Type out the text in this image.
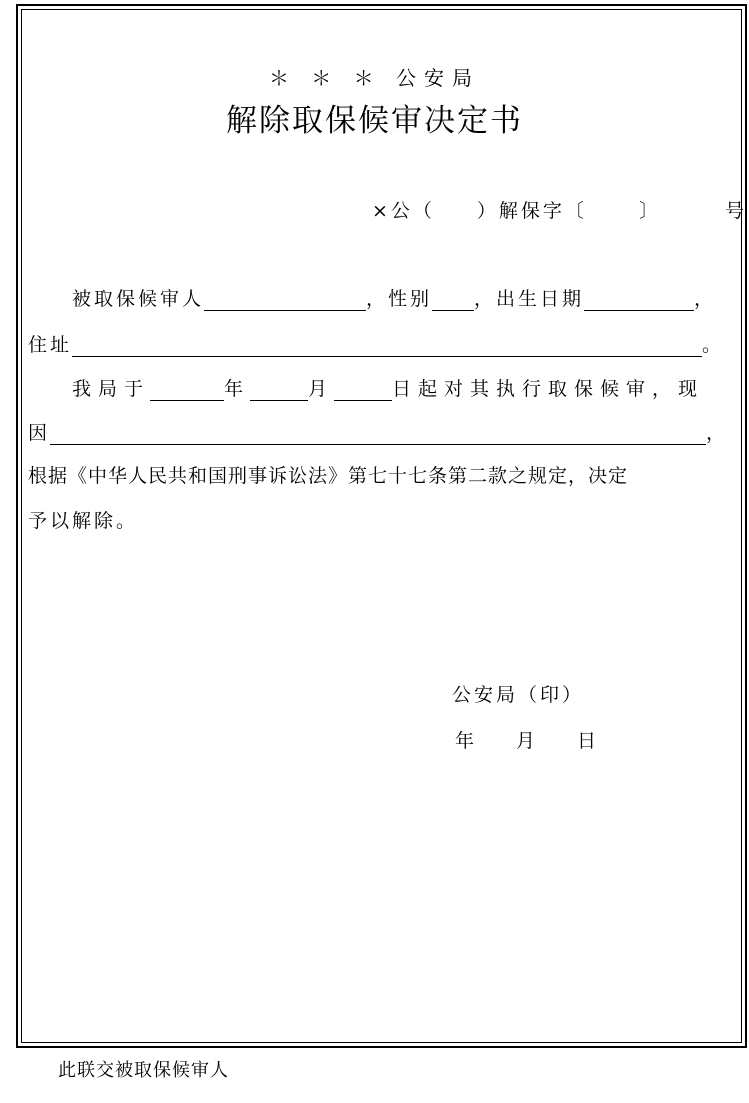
＊ ＊ ＊ 公安局
解除取保候审决定书
×公（ ）解保字〔	〕	号
被取保候审人	，性别 ，出生日期	，
住址	。
我局于	年	月	日起对其执行取保候审，现
因	，
根据《中华人民共和国刑事诉讼法》第七十七条第二款之规定，决定
予以解除。
公安局（印）
年 月 日
此联交被取保候审人
